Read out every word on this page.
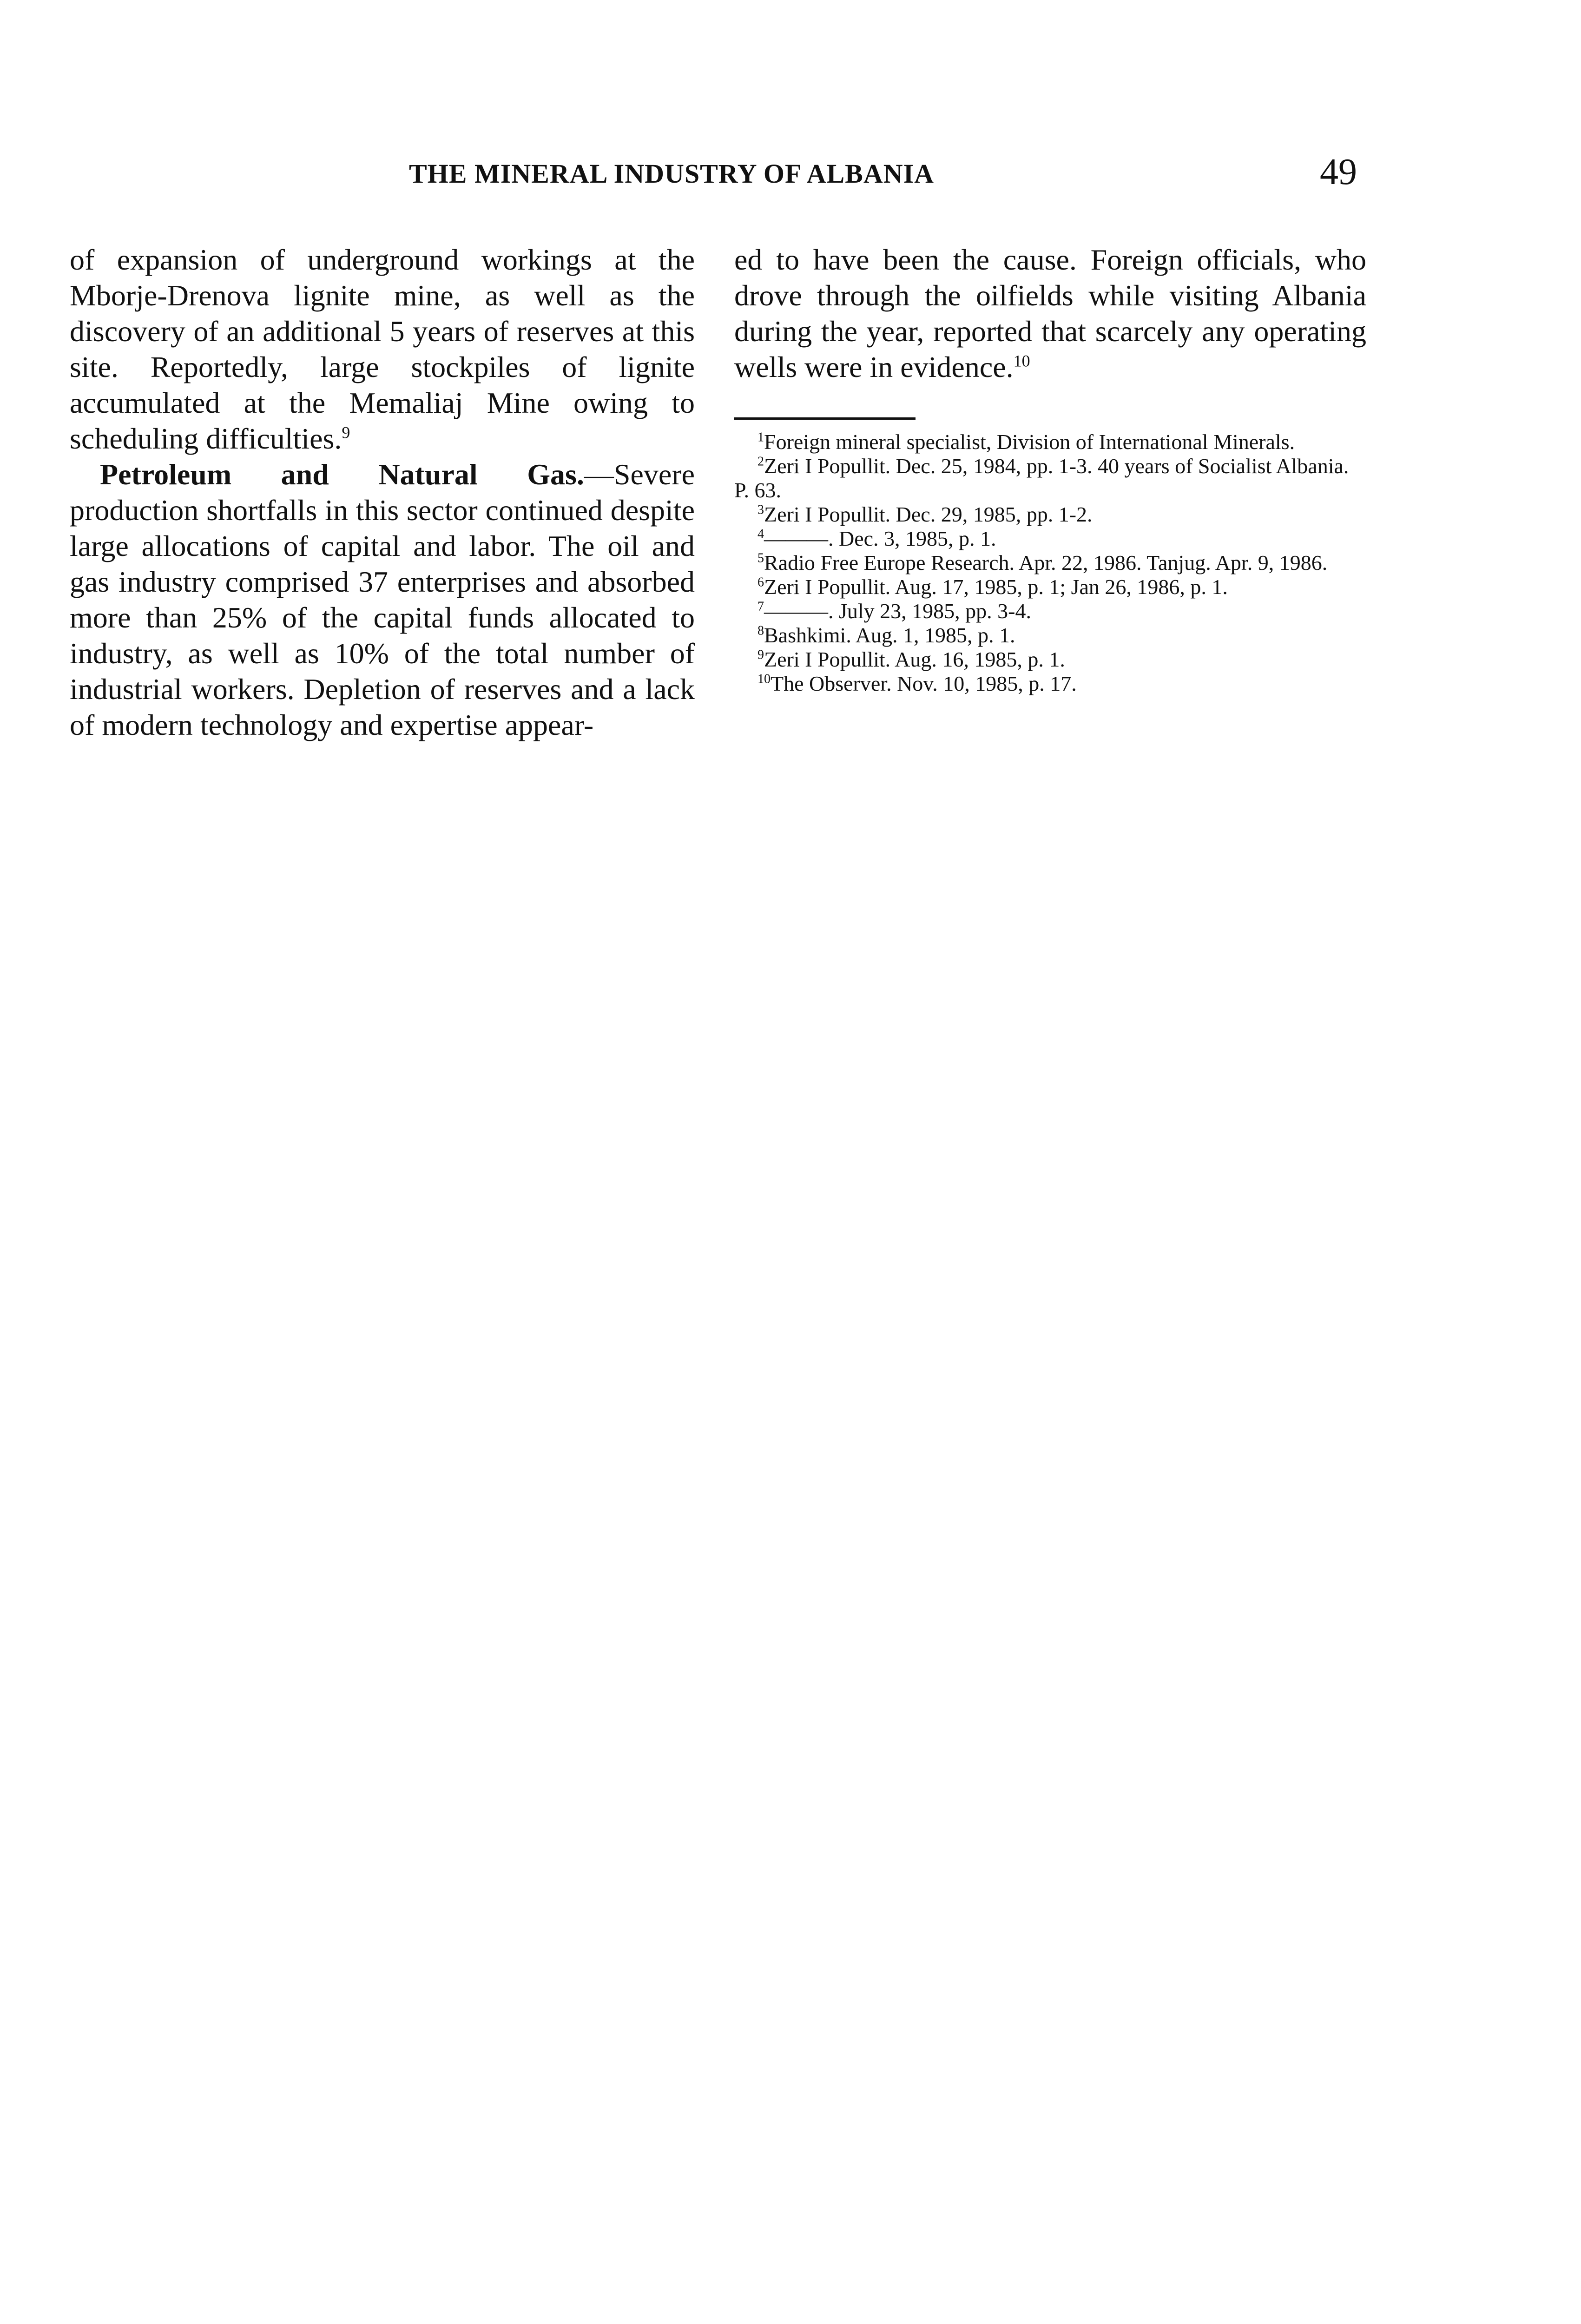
THE MINERAL INDUSTRY OF ALBANIA	49

of expansion of underground workings at the Mborje-Drenova lignite mine, as well as the discovery of an additional 5 years of reserves at this site. Reportedly, large stockpiles of lignite accumulated at the Memaliaj Mine owing to scheduling difficulties.$^9$

Petroleum and Natural Gas.—Severe production shortfalls in this sector continued despite large allocations of capital and labor. The oil and gas industry comprised 37 enterprises and absorbed more than 25% of the capital funds allocated to industry, as well as 10% of the total number of industrial workers. Depletion of reserves and a lack of modern technology and expertise appear-

ed to have been the cause. Foreign officials, who drove through the oilfields while visiting Albania during the year, reported that scarcely any operating wells were in evidence.$^{10}$

$^1$Foreign mineral specialist, Division of International Minerals.

$^2$Zeri I Popullit. Dec. 25, 1984, pp. 1-3. 40 years of Socialist Albania. P. 63.

$^3$Zeri I Popullit. Dec. 29, 1985, pp. 1-2.

$^4$———. Dec. 3, 1985, p. 1.

$^5$Radio Free Europe Research. Apr. 22, 1986. Tanjug. Apr. 9, 1986.

$^6$Zeri I Popullit. Aug. 17, 1985, p. 1; Jan 26, 1986, p. 1.

$^7$———. July 23, 1985, pp. 3-4.

$^8$Bashkimi. Aug. 1, 1985, p. 1.

$^9$Zeri I Popullit. Aug. 16, 1985, p. 1.

$^{10}$The Observer. Nov. 10, 1985, p. 17.
